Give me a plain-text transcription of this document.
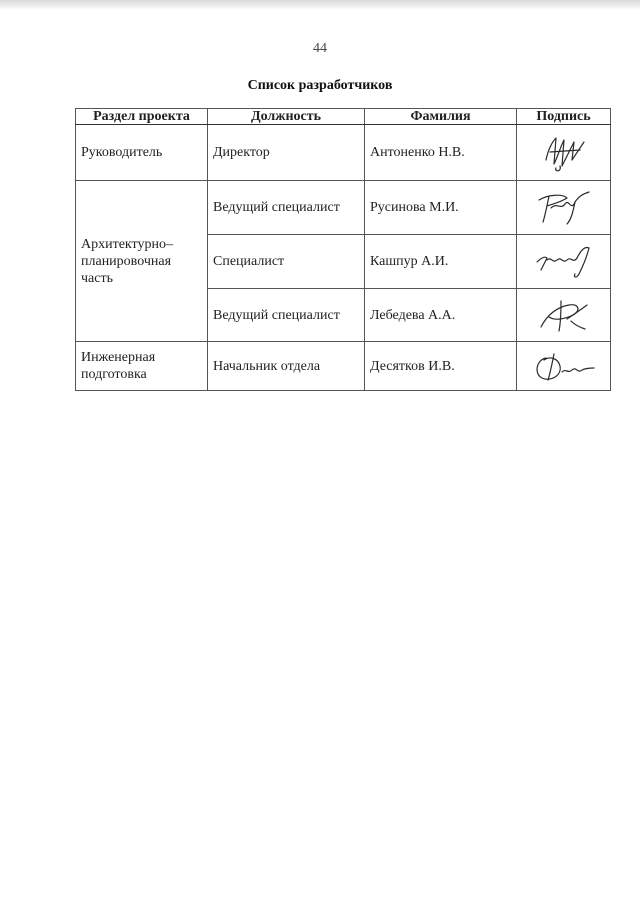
44
Список разработчиков
Раздел проекта	Должность	Фамилия	Подпись
Руководитель	Директор	Антоненко Н.В.	

Архитектурно–планировочная часть	Ведущий специалист	Русинова М.И.	

	Специалист	Кашпур А.И.	

	Ведущий специалист	Лебедева А.А.	

Инженерная подготовка	Начальник отдела	Десятков И.В.	
